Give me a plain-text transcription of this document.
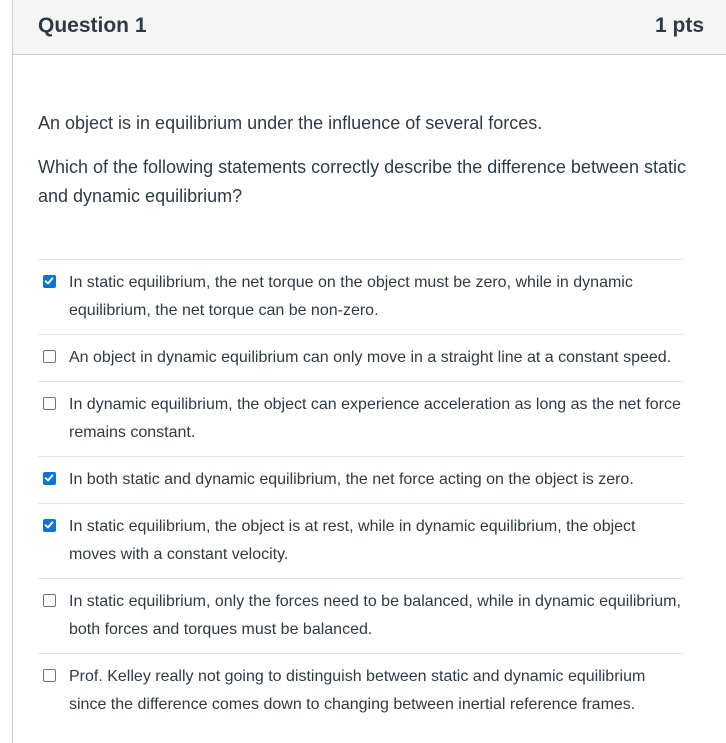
Question 1	1 pts

An object is in equilibrium under the influence of several forces.

Which of the following statements correctly describe the difference between static and dynamic equilibrium?

In static equilibrium, the net torque on the object must be zero, while in dynamic equilibrium, the net torque can be non-zero.
An object in dynamic equilibrium can only move in a straight line at a constant speed.
In dynamic equilibrium, the object can experience acceleration as long as the net force remains constant.
In both static and dynamic equilibrium, the net force acting on the object is zero.
In static equilibrium, the object is at rest, while in dynamic equilibrium, the object moves with a constant velocity.
In static equilibrium, only the forces need to be balanced, while in dynamic equilibrium, both forces and torques must be balanced.
Prof. Kelley really not going to distinguish between static and dynamic equilibrium since the difference comes down to changing between inertial reference frames.
